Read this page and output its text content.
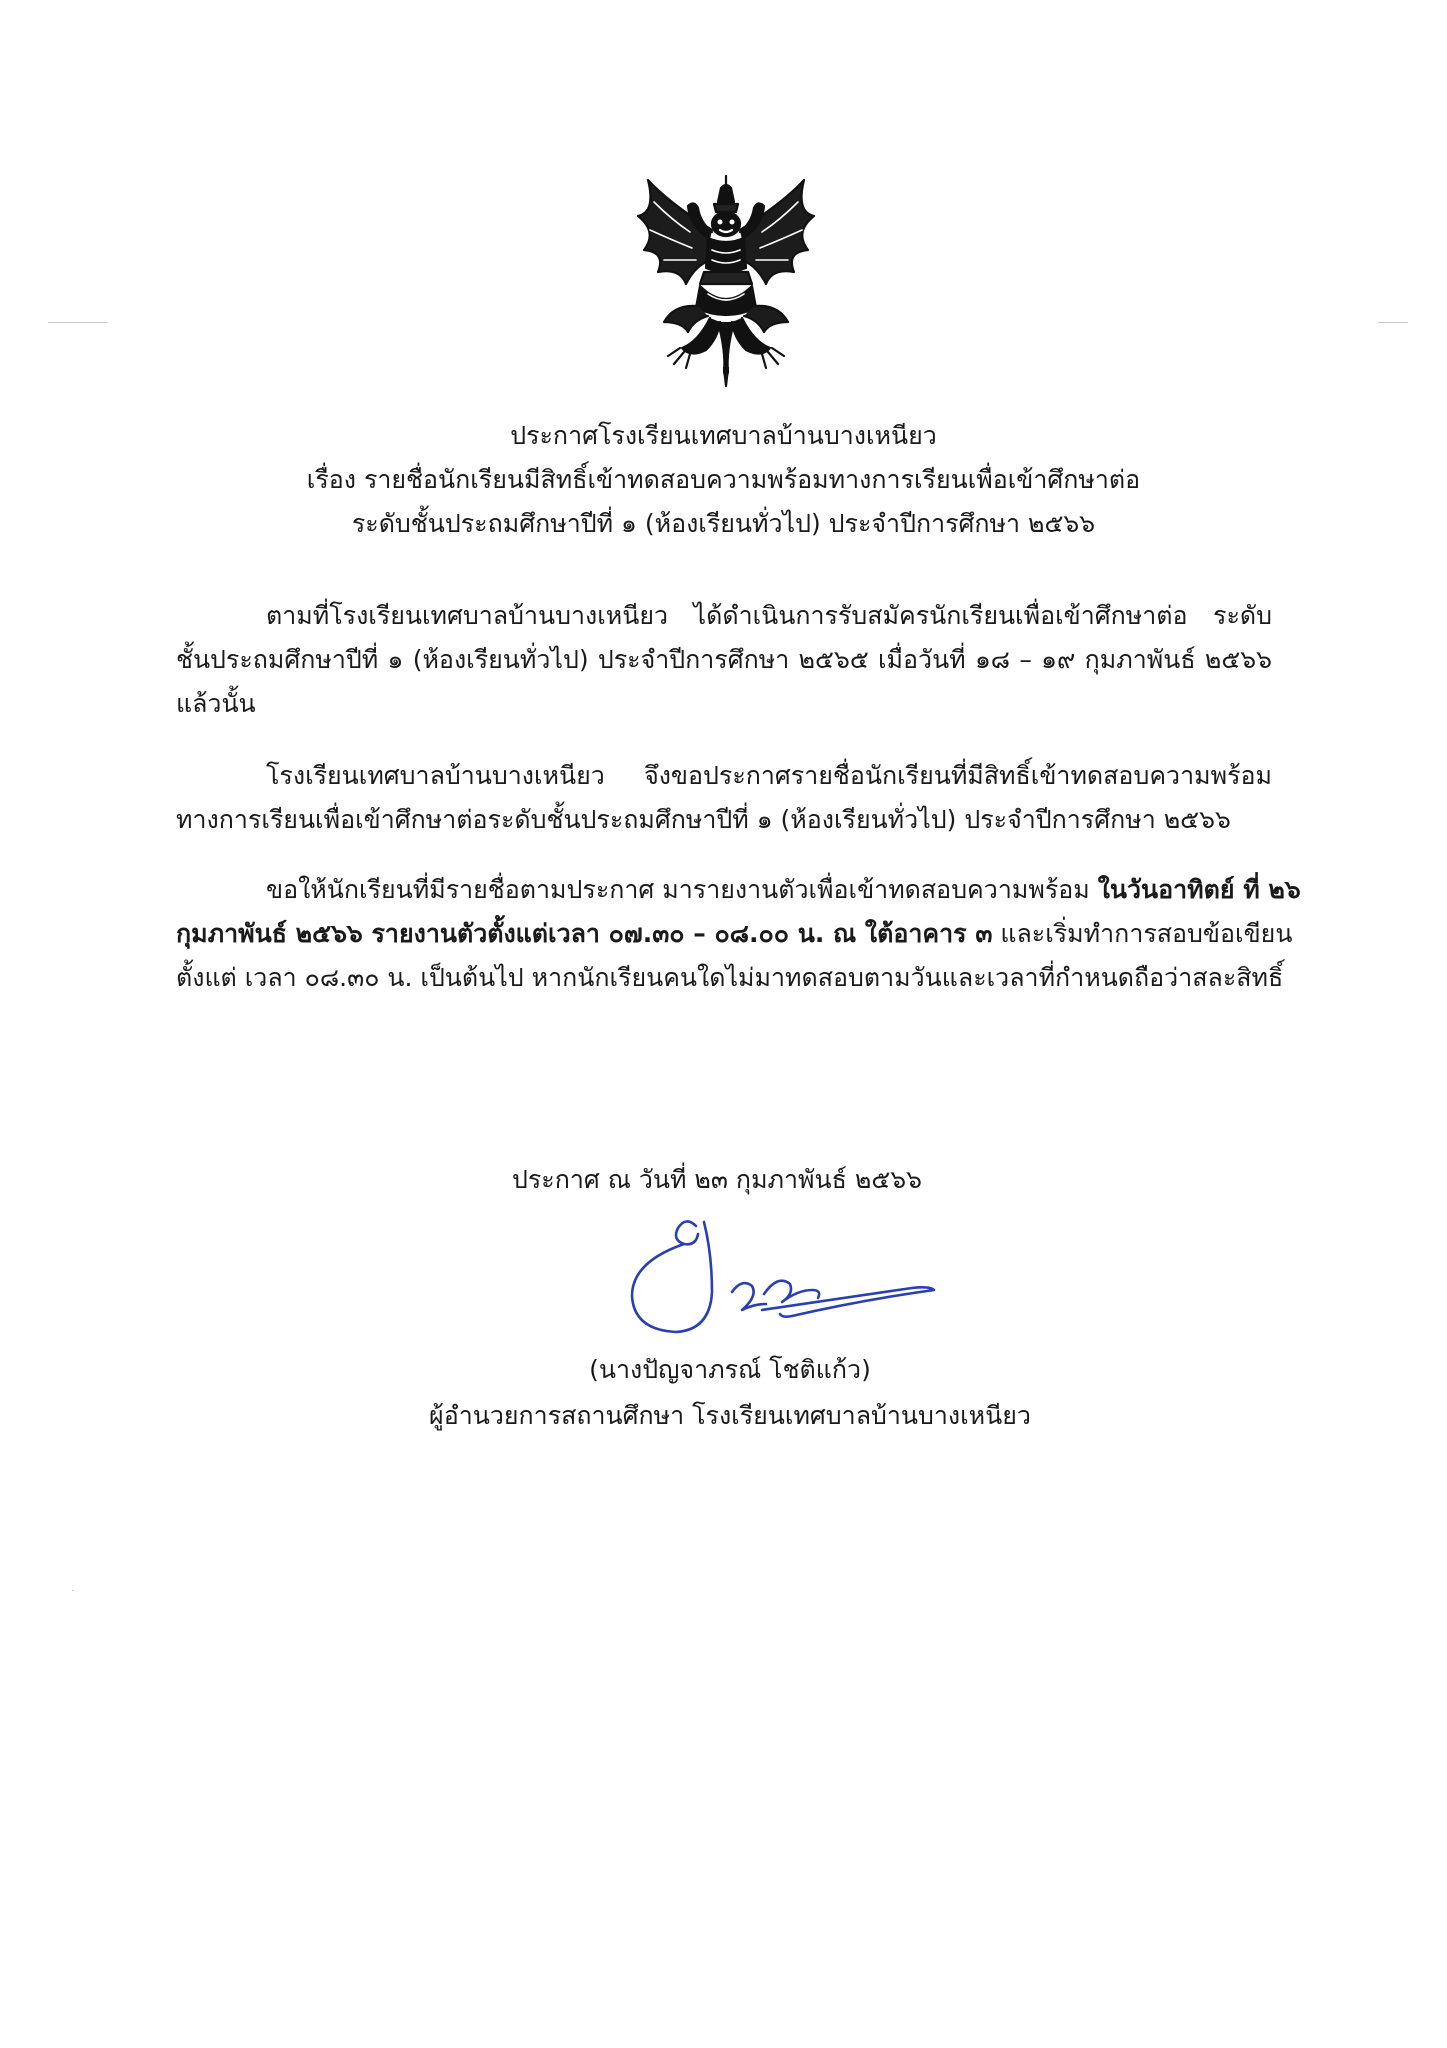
ประกาศโรงเรียนเทศบาลบ้านบางเหนียว
เรื่อง รายชื่อนักเรียนมีสิทธิ์เข้าทดสอบความพร้อมทางการเรียนเพื่อเข้าศึกษาต่อ
ระดับชั้นประถมศึกษาปีที่ ๑ (ห้องเรียนทั่วไป) ประจำปีการศึกษา ๒๕๖๖
ตามที่โรงเรียนเทศบาลบ้านบางเหนียว ได้ดำเนินการรับสมัครนักเรียนเพื่อเข้าศึกษาต่อ ระดับ
ชั้นประถมศึกษาปีที่ ๑ (ห้องเรียนทั่วไป) ประจำปีการศึกษา ๒๕๖๕ เมื่อวันที่ ๑๘ – ๑๙ กุมภาพันธ์ ๒๕๖๖
แล้วนั้น
โรงเรียนเทศบาลบ้านบางเหนียว จึงขอประกาศรายชื่อนักเรียนที่มีสิทธิ์เข้าทดสอบความพร้อม
ทางการเรียนเพื่อเข้าศึกษาต่อระดับชั้นประถมศึกษาปีที่ ๑ (ห้องเรียนทั่วไป) ประจำปีการศึกษา ๒๕๖๖
ขอให้นักเรียนที่มีรายชื่อตามประกาศ มารายงานตัวเพื่อเข้าทดสอบความพร้อม ในวันอาทิตย์ ที่ ๒๖
กุมภาพันธ์ ๒๕๖๖ รายงานตัวตั้งแต่เวลา ๐๗.๓๐ – ๐๘.๐๐ น. ณ ใต้อาคาร ๓ และเริ่มทำการสอบข้อเขียน
ตั้งแต่ เวลา ๐๘.๓๐ น. เป็นต้นไป หากนักเรียนคนใดไม่มาทดสอบตามวันและเวลาที่กำหนดถือว่าสละสิทธิ์
ประกาศ ณ วันที่ ๒๓ กุมภาพันธ์ ๒๕๖๖
(นางปัญจาภรณ์ โชติแก้ว)
ผู้อำนวยการสถานศึกษา โรงเรียนเทศบาลบ้านบางเหนียว
